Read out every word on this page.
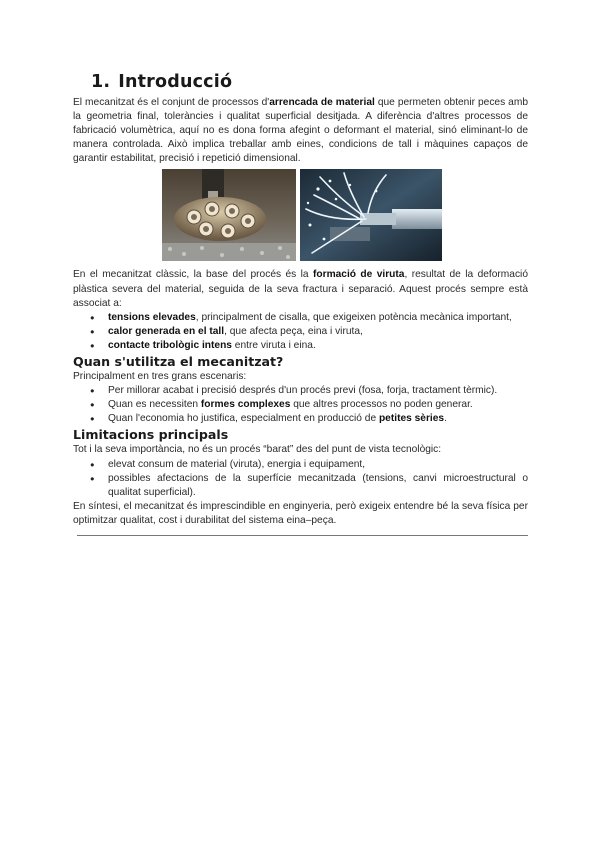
1. Introducció

El mecanitzat és el conjunt de processos d'arrencada de material que permeten obtenir peces amb la geometria final, toleràncies i qualitat superficial desitjada. A diferència d'altres processos de fabricació volumètrica, aquí no es dona forma afegint o deformant el material, sinó eliminant-lo de manera controlada. Això implica treballar amb eines, condicions de tall i màquines capaços de garantir estabilitat, precisió i repetició dimensional.

En el mecanitzat clàssic, la base del procés és la formació de viruta, resultat de la deformació plàstica severa del material, seguida de la seva fractura i separació. Aquest procés sempre està associat a:

● tensions elevades, principalment de cisalla, que exigeixen potència mecànica important,
● calor generada en el tall, que afecta peça, eina i viruta,
● contacte tribològic intens entre viruta i eina.
Quan s'utilitza el mecanitzat?

Principalment en tres grans escenaris:

● Per millorar acabat i precisió després d'un procés previ (fosa, forja, tractament tèrmic).
● Quan es necessiten formes complexes que altres processos no poden generar.
● Quan l'economia ho justifica, especialment en producció de petites sèries.
Limitacions principals

Tot i la seva importància, no és un procés “barat” des del punt de vista tecnològic:

● elevat consum de material (viruta), energia i equipament,
● possibles afectacions de la superfície mecanitzada (tensions, canvi microestructural o qualitat superficial).

En síntesi, el mecanitzat és imprescindible en enginyeria, però exigeix entendre bé la seva física per optimitzar qualitat, cost i durabilitat del sistema eina–peça.
